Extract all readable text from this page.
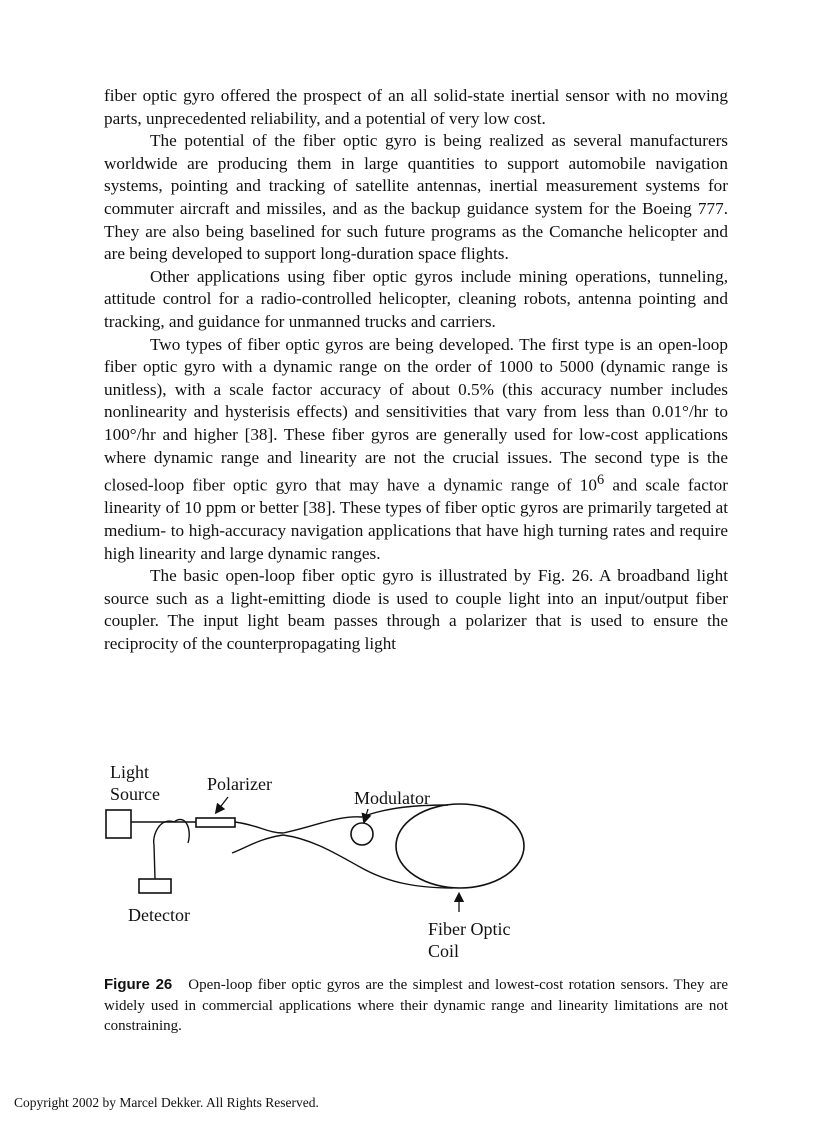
fiber optic gyro offered the prospect of an all solid-state inertial sensor with no moving parts, unprecedented reliability, and a potential of very low cost.

The potential of the fiber optic gyro is being realized as several manufacturers worldwide are producing them in large quantities to support automobile navigation systems, pointing and tracking of satellite antennas, inertial measurement systems for commuter aircraft and missiles, and as the backup guidance system for the Boeing 777. They are also being baselined for such future programs as the Comanche helicopter and are being developed to support long-duration space flights.

Other applications using fiber optic gyros include mining operations, tunneling, attitude control for a radio-controlled helicopter, cleaning robots, antenna pointing and tracking, and guidance for unmanned trucks and carriers.

Two types of fiber optic gyros are being developed. The first type is an open-loop fiber optic gyro with a dynamic range on the order of 1000 to 5000 (dynamic range is unitless), with a scale factor accuracy of about 0.5% (this accuracy number includes nonlinearity and hysterisis effects) and sensitivities that vary from less than 0.01°/hr to 100°/hr and higher [38]. These fiber gyros are generally used for low-cost applications where dynamic range and linearity are not the crucial issues. The second type is the closed-loop fiber optic gyro that may have a dynamic range of $10^6$ and scale factor linearity of 10 ppm or better [38]. These types of fiber optic gyros are primarily targeted at medium- to high-accuracy navigation applications that have high turning rates and require high linearity and large dynamic ranges.

The basic open-loop fiber optic gyro is illustrated by Fig. 26. A broadband light source such as a light-emitting diode is used to couple light into an input/output fiber coupler. The input light beam passes through a polarizer that is used to ensure the reciprocity of the counterpropagating light

Light
Source	Polarizer
Modulator
Detector
Fiber Optic
Coil

Figure 26 Open-loop fiber optic gyros are the simplest and lowest-cost rotation sensors. They are widely used in commercial applications where their dynamic range and linearity limitations are not constraining.

Copyright 2002 by Marcel Dekker. All Rights Reserved.
